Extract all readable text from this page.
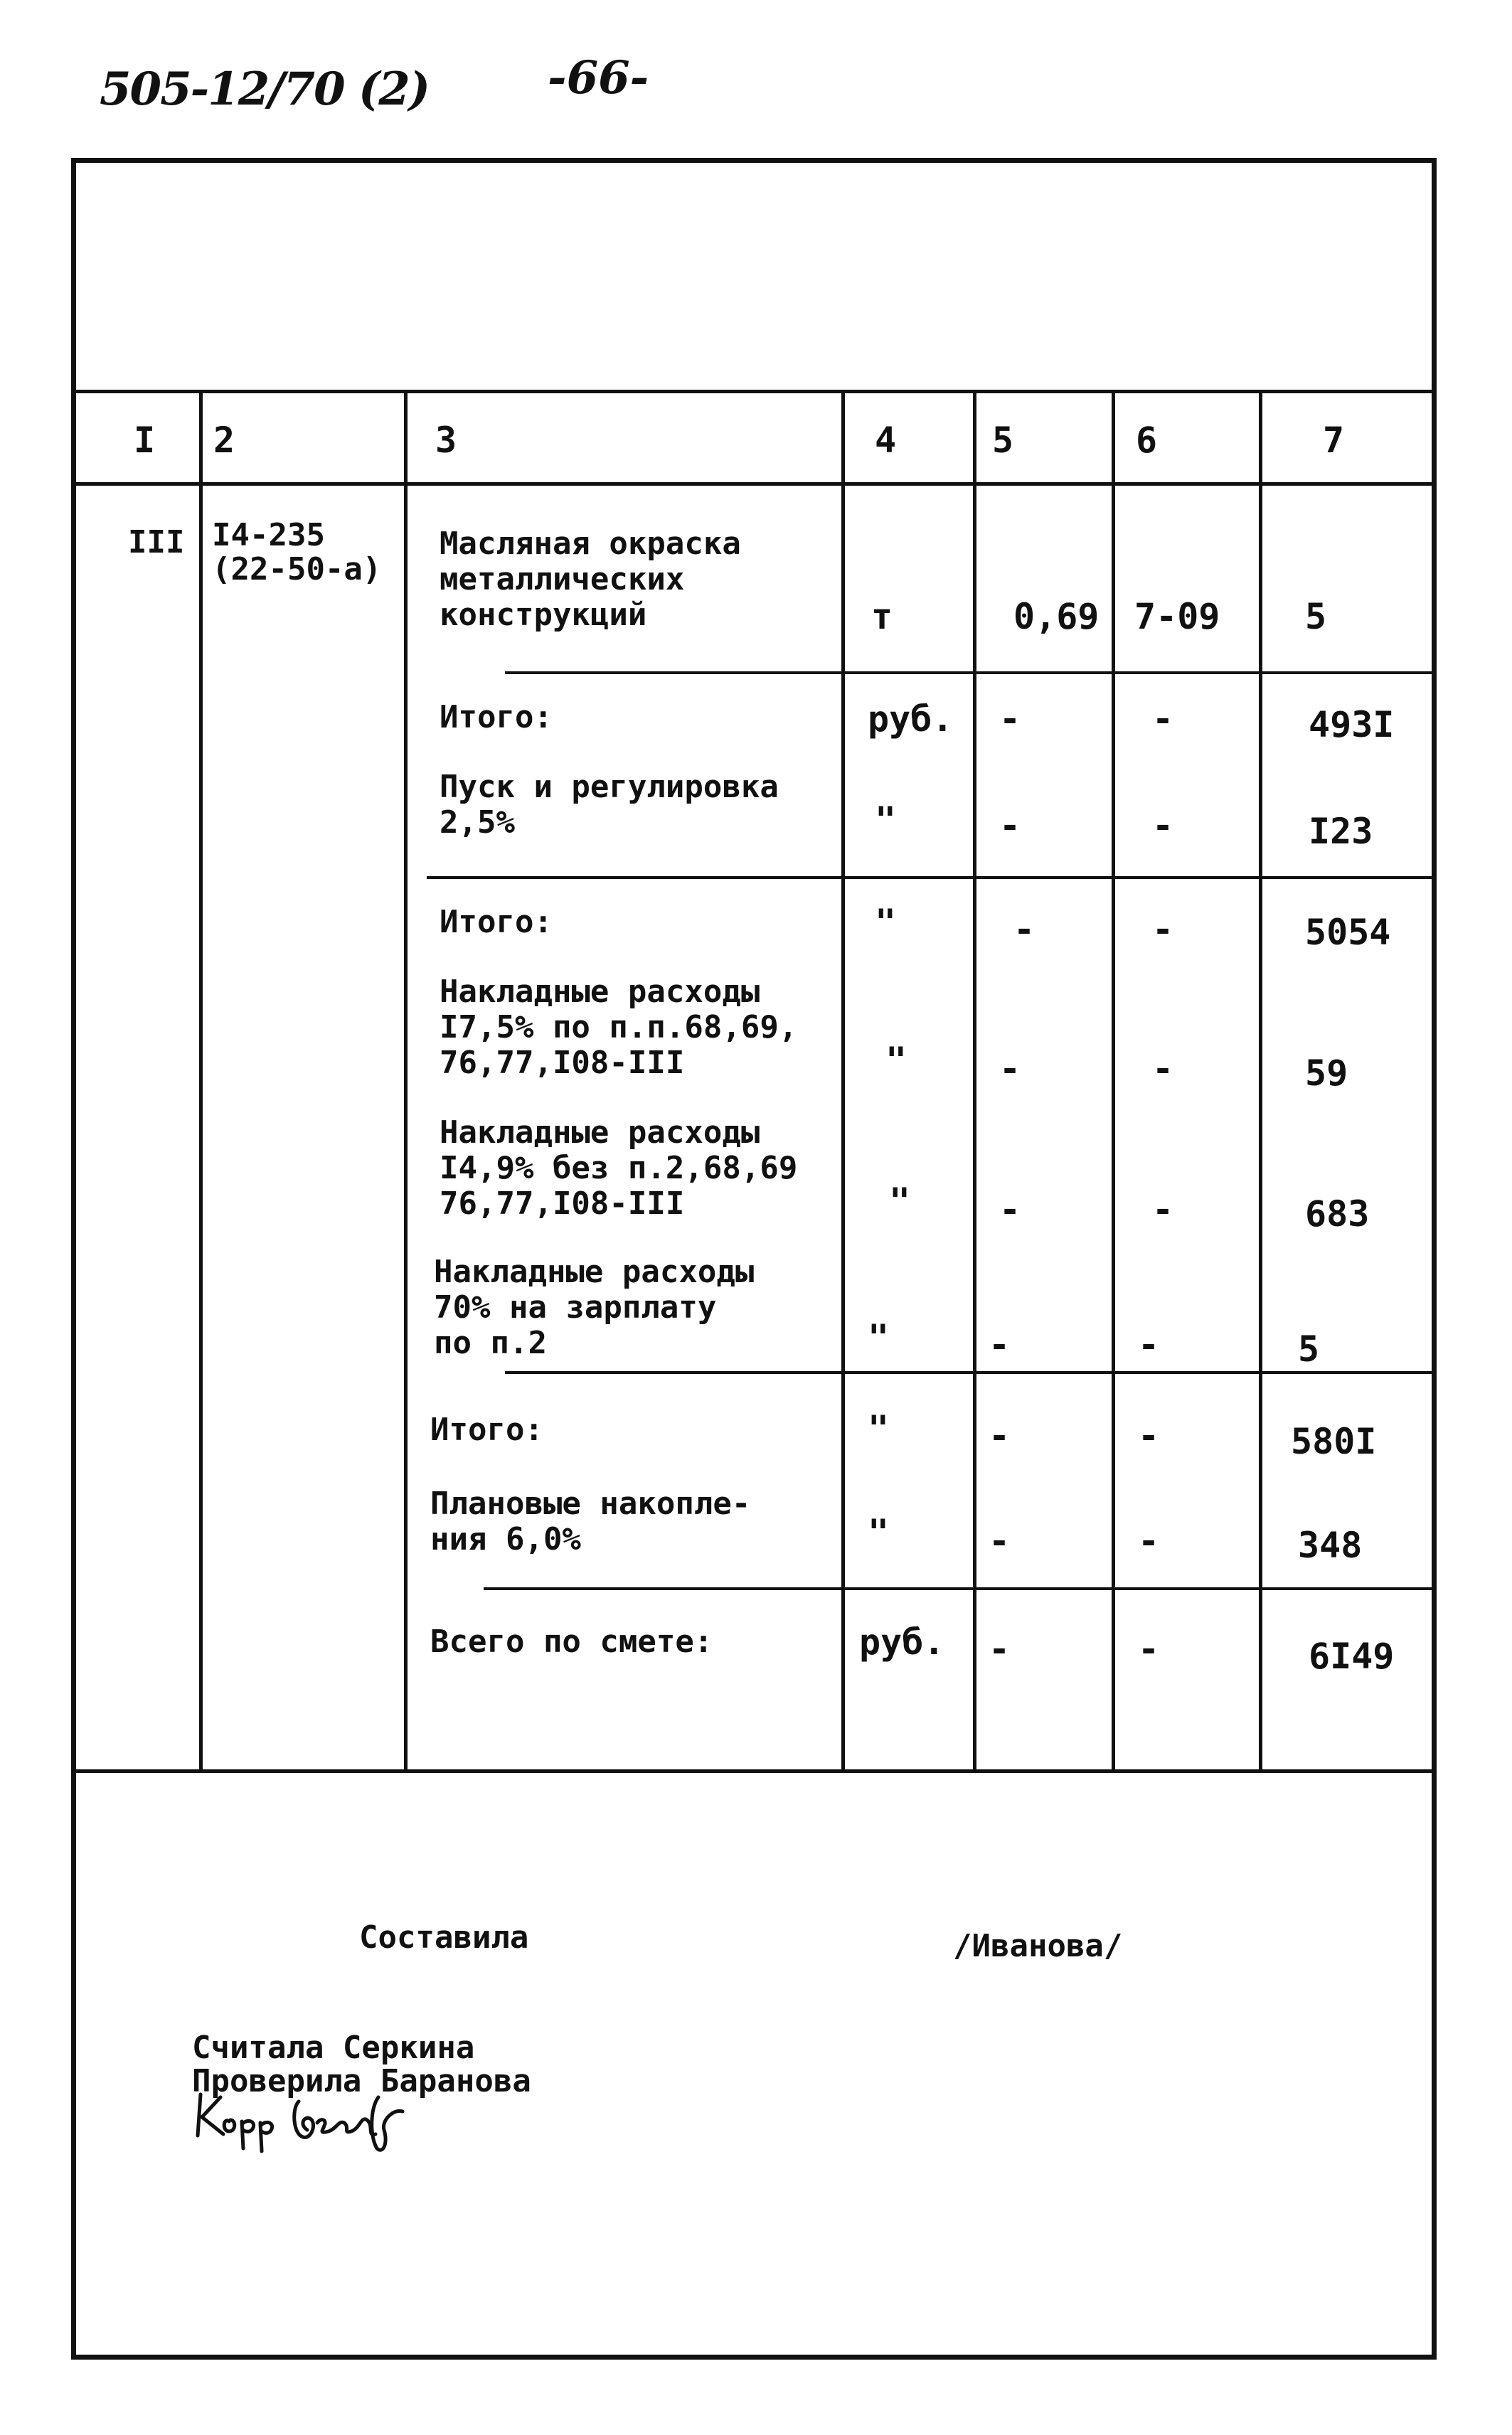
505-12/70 (2)	-66-
I 2	3	4	5	6	7
III I4-235
(22-50-a)
Масляная окраска
металлических
конструкций	т	0,69 7-09 5
Итого:	руб. -	-	493I
Пуск и регулировка
2,5%	"	-	-	I23
Итого:	"	-	-	5054
Накладные расходы
I7,5% по п.п.68,69,
76,77,I08-III	"	-	-	59
Накладные расходы
I4,9% без п.2,68,69
76,77,I08-III	" -	-	683
Накладные расходы
70% на зарплату
по п.2	"	-	-	5
Итого:	"	-	-	580I
Плановые накопле-
ния 6,0%	"	-	-	348
Всего по смете:	руб. -	-	6I49
Составила	/Иванова/
Считала Серкина
Проверила Баранова
